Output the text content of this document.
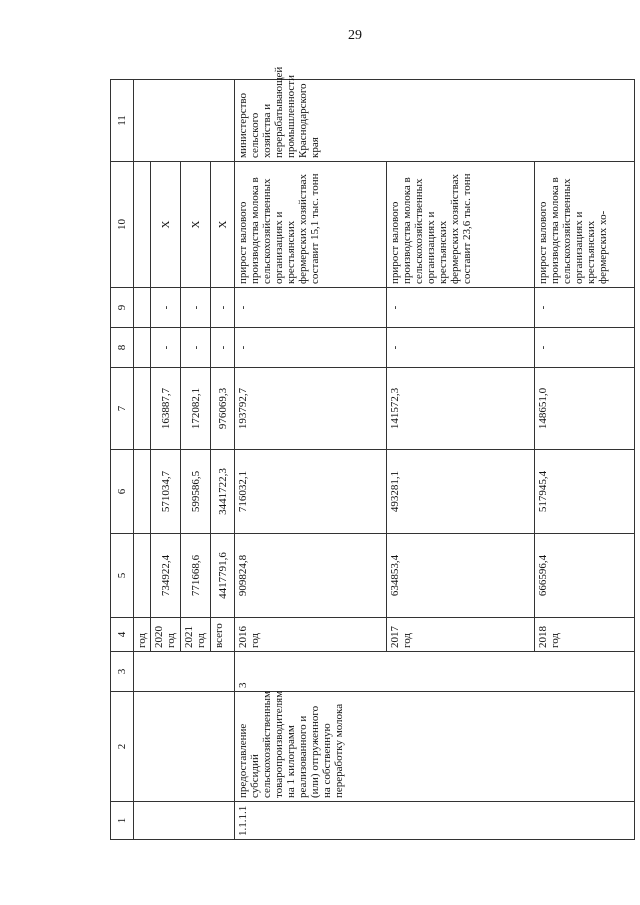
29
1	2	3	4	5	6	7	8	9	10	11
			год							
			2020 год	734922,4	571034,7	163887,7	-	-	X	
			2021 год	771668,6	599586,5	172082,1	-	-	X	
			всего	4417791,6	3441722,3	976069,3	-	-	X	
1.1.1.1	предоставление субсидий сельскохозяйственным товаропроизводителям на 1 килограмм реализованного и (или) отгруженного на собственную переработку молока	3	2016 год	909824,8	716032,1	193792,7	-	-	прирост валового производства молока в сельскохозяйственных организациях и крестьянских фермерских хозяйствах составит 15,1 тыс. тонн	министерство сельского хозяйства и перерабатывающей промышленности Краснодарского края
			2017 год	634853,4	493281,1	141572,3	-	-	прирост валового производства молока в сельскохозяйственных организациях и крестьянских фермерских хозяйствах составит 23,6 тыс. тонн	
			2018 год	666596,4	517945,4	148651,0	-	-	прирост валового производства молока в сельскохозяйственных организациях и крестьянских фермерских хо-	
